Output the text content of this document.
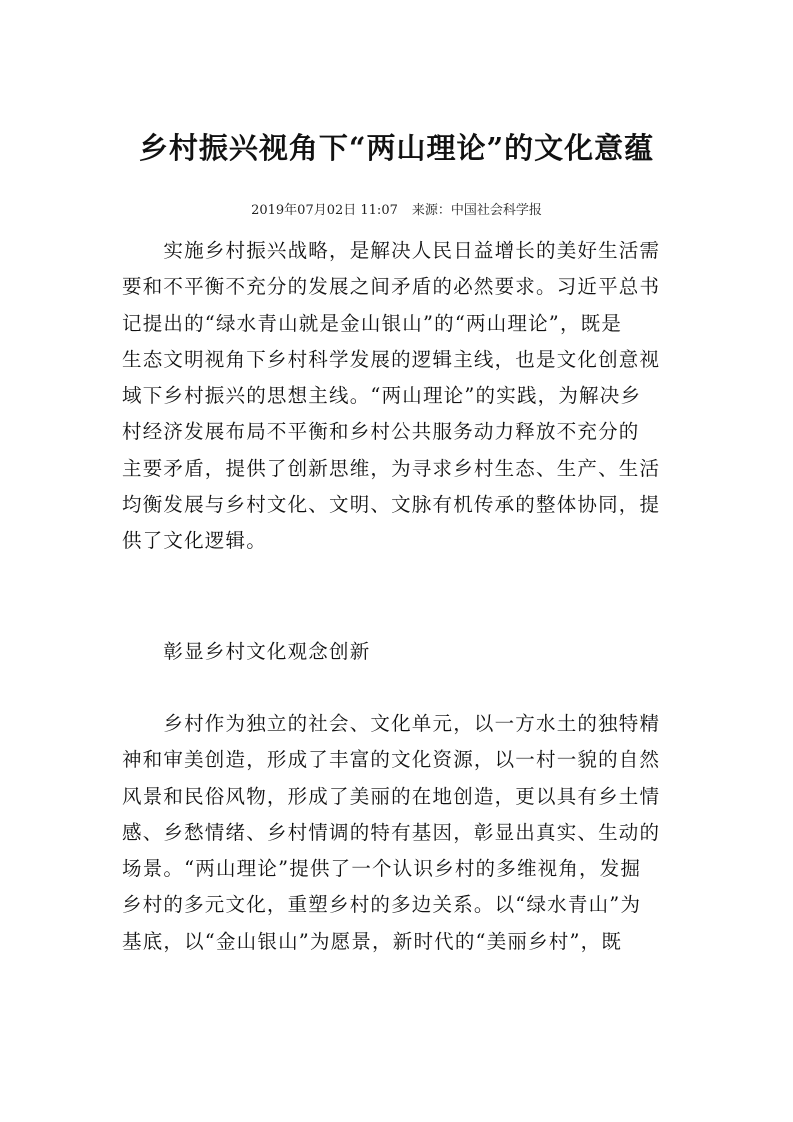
乡村振兴视角下“两山理论”的文化意蕴
2019年07月02日 11:07 来源：中国社会科学报
　　实施乡村振兴战略，是解决人民日益增长的美好生活需
要和不平衡不充分的发展之间矛盾的必然要求。习近平总书
记提出的“绿水青山就是金山银山”的“两山理论”，既是
生态文明视角下乡村科学发展的逻辑主线，也是文化创意视
域下乡村振兴的思想主线。“两山理论”的实践，为解决乡
村经济发展布局不平衡和乡村公共服务动力释放不充分的
主要矛盾，提供了创新思维，为寻求乡村生态、生产、生活
均衡发展与乡村文化、文明、文脉有机传承的整体协同，提
供了文化逻辑。
　　彰显乡村文化观念创新
　　乡村作为独立的社会、文化单元，以一方水土的独特精
神和审美创造，形成了丰富的文化资源，以一村一貌的自然
风景和民俗风物，形成了美丽的在地创造，更以具有乡土情
感、乡愁情绪、乡村情调的特有基因，彰显出真实、生动的
场景。“两山理论”提供了一个认识乡村的多维视角，发掘
乡村的多元文化，重塑乡村的多边关系。以“绿水青山”为
基底，以“金山银山”为愿景，新时代的“美丽乡村”，既
